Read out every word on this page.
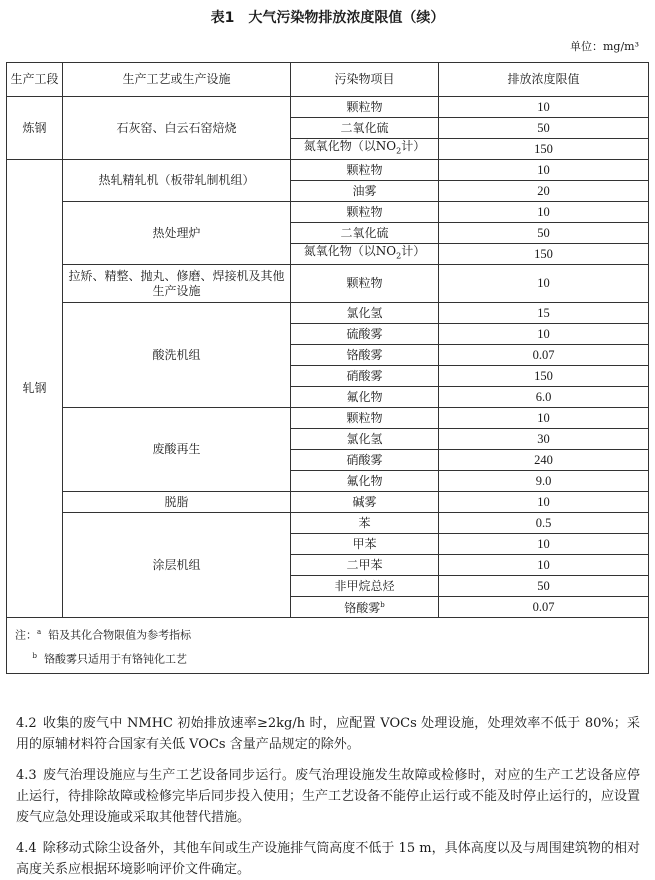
表1　大气污染物排放浓度限值（续）
单位：mg/m³
生产工段	生产工艺或生产设施	污染物项目	排放浓度限值
炼钢	石灰窑、白云石窑焙烧	颗粒物	10
		二氧化硫	50
		氮氧化物（以$NO_2$计）	150
轧钢	热轧精轧机（板带轧制机组）	颗粒物	10
		油雾	20
	热处理炉	颗粒物	10
		二氧化硫	50
		氮氧化物（以$NO_2$计）	150
	拉矫、精整、抛丸、修磨、焊接机及其他生产设施	颗粒物	10
	酸洗机组	氯化氢	15
		硫酸雾	10
		铬酸雾	0.07
		硝酸雾	150
		氟化物	6.0
	废酸再生	颗粒物	10
		氯化氢	30
		硝酸雾	240
		氟化物	9.0
	脱脂	碱雾	10
	涂层机组	苯	0.5
		甲苯	10
		二甲苯	10
		非甲烷总烃	50
		铬酸雾$^b$	0.07

注：$^a$ 铅及其化合物限值为参考指标
$^b$ 铬酸雾只适用于有铬钝化工艺			
4.2 收集的废气中 NMHC 初始排放速率≥2kg/h 时，应配置 VOCs 处理设施，处理效率不低于 80%；采用的原辅材料符合国家有关低 VOCs 含量产品规定的除外。
4.3 废气治理设施应与生产工艺设备同步运行。废气治理设施发生故障或检修时，对应的生产工艺设备应停止运行，待排除故障或检修完毕后同步投入使用；生产工艺设备不能停止运行或不能及时停止运行的，应设置废气应急处理设施或采取其他替代措施。
4.4 除移动式除尘设备外，其他车间或生产设施排气筒高度不低于 15 m，具体高度以及与周围建筑物的相对高度关系应根据环境影响评价文件确定。
